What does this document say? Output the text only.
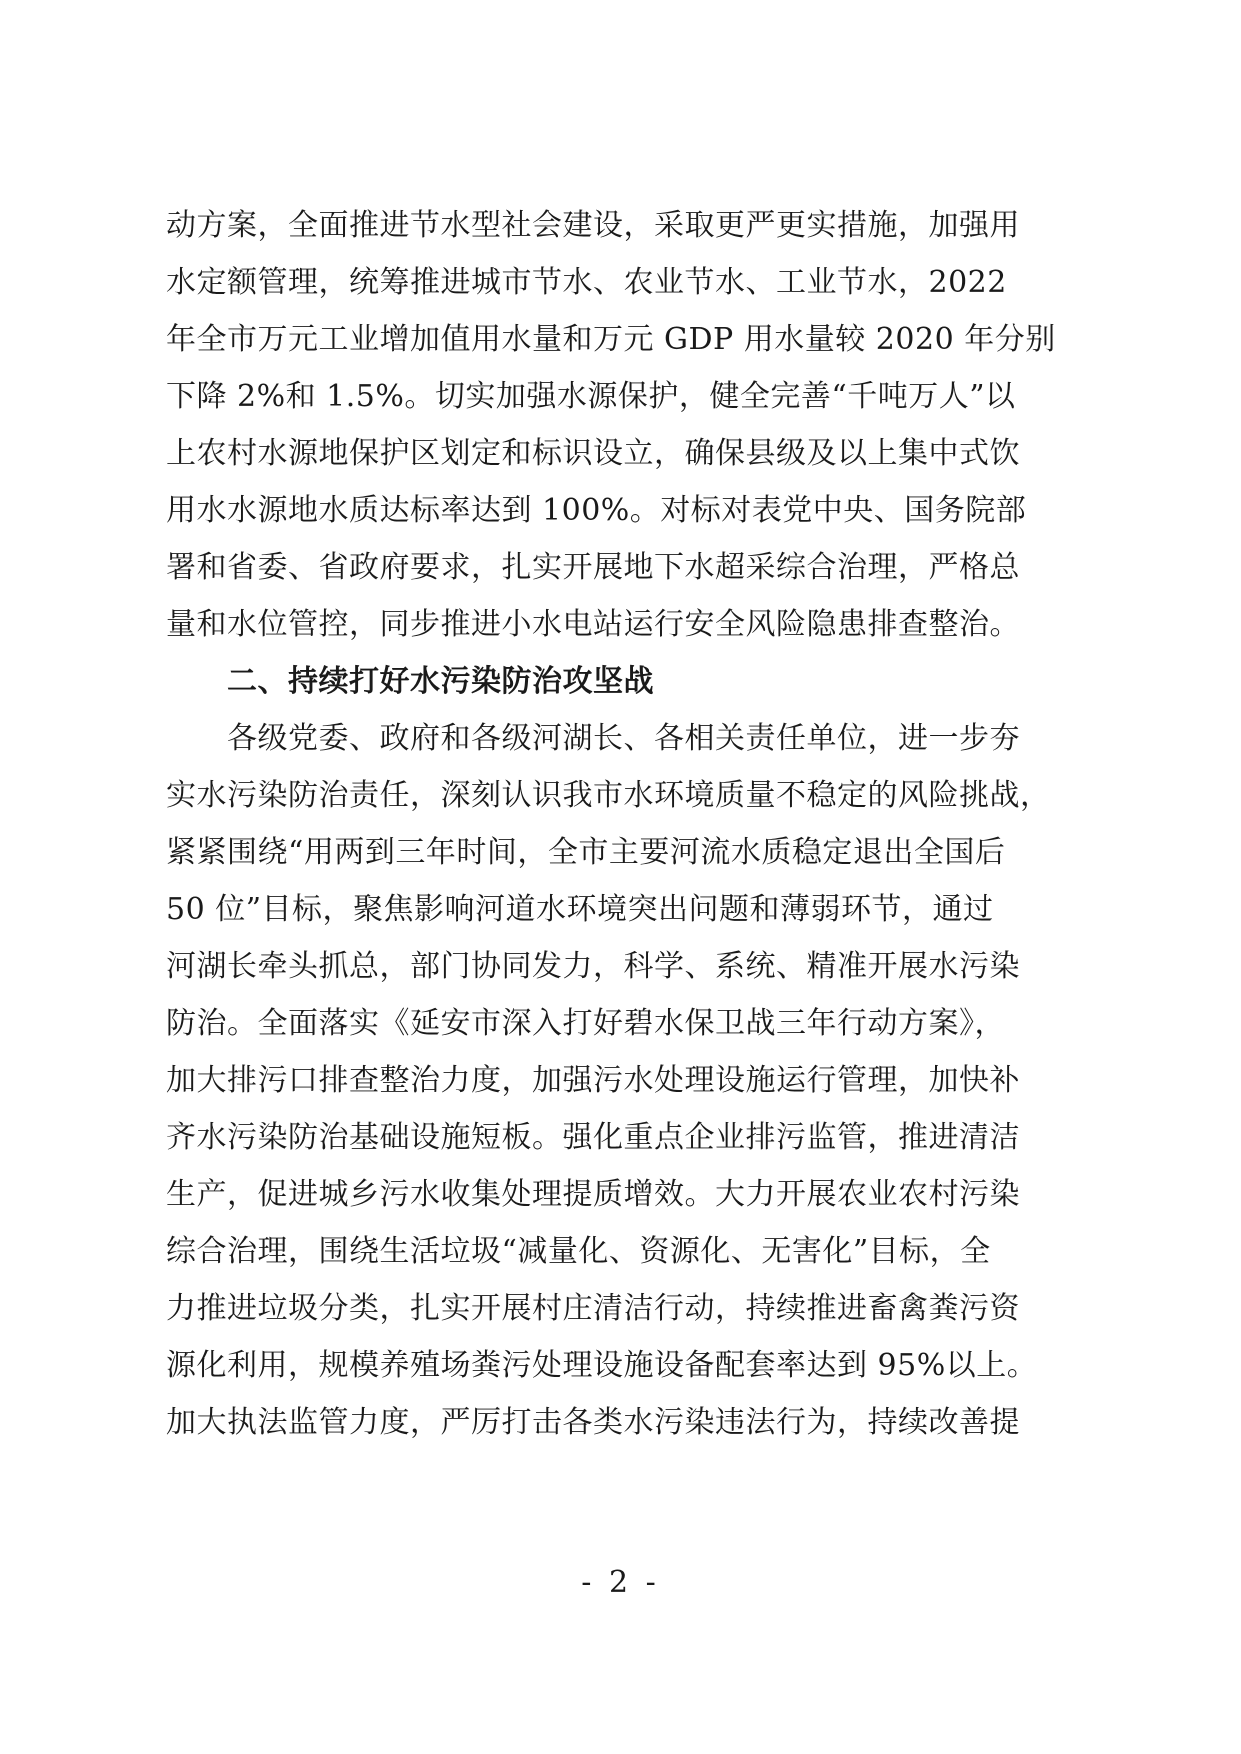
动方案，全面推进节水型社会建设，采取更严更实措施，加强用
水定额管理，统筹推进城市节水、农业节水、工业节水，2022
年全市万元工业增加值用水量和万元 GDP 用水量较 2020 年分别
下降 2%和 1.5%。切实加强水源保护，健全完善“千吨万人”以
上农村水源地保护区划定和标识设立，确保县级及以上集中式饮
用水水源地水质达标率达到 100%。对标对表党中央、国务院部
署和省委、省政府要求，扎实开展地下水超采综合治理，严格总
量和水位管控，同步推进小水电站运行安全风险隐患排查整治。
二、持续打好水污染防治攻坚战
各级党委、政府和各级河湖长、各相关责任单位，进一步夯
实水污染防治责任，深刻认识我市水环境质量不稳定的风险挑战，
紧紧围绕“用两到三年时间，全市主要河流水质稳定退出全国后
50 位”目标，聚焦影响河道水环境突出问题和薄弱环节，通过
河湖长牵头抓总，部门协同发力，科学、系统、精准开展水污染
防治。全面落实《延安市深入打好碧水保卫战三年行动方案》，
加大排污口排查整治力度，加强污水处理设施运行管理，加快补
齐水污染防治基础设施短板。强化重点企业排污监管，推进清洁
生产，促进城乡污水收集处理提质增效。大力开展农业农村污染
综合治理，围绕生活垃圾“减量化、资源化、无害化”目标，全
力推进垃圾分类，扎实开展村庄清洁行动，持续推进畜禽粪污资
源化利用，规模养殖场粪污处理设施设备配套率达到 95%以上。
加大执法监管力度，严厉打击各类水污染违法行为，持续改善提
- 2 -
